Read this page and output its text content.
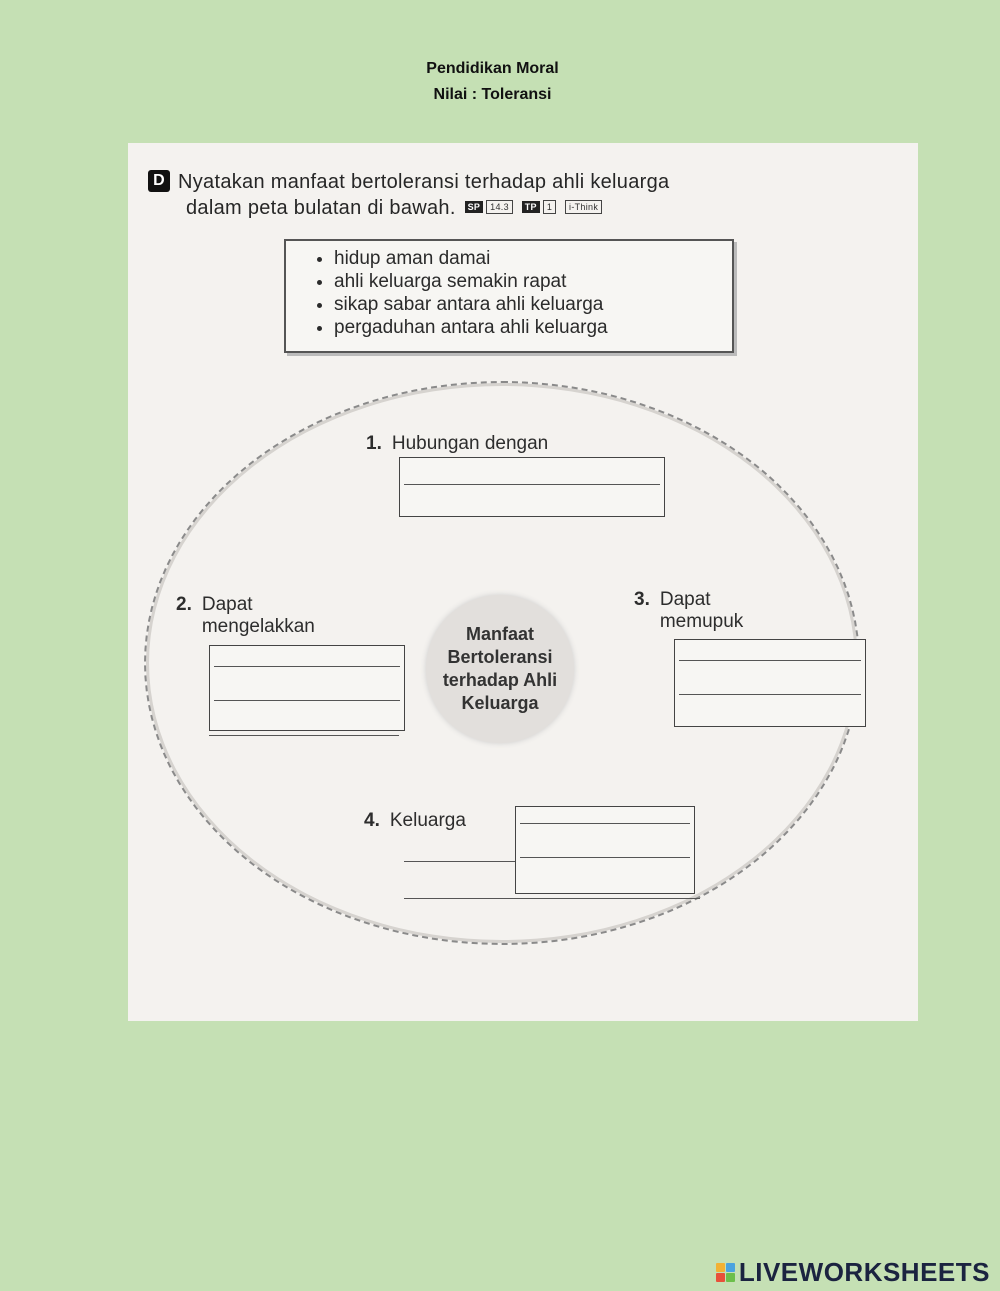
Pendidikan Moral
Nilai : Toleransi
D Nyatakan manfaat bertoleransi terhadap ahli keluarga
dalam peta bulatan di bawah. SP 14.3 TP 1 i-Think
• hidup aman damai
• ahli keluarga semakin rapat
• sikap sabar antara ahli keluarga
• pergaduhan antara ahli keluarga
Manfaat Bertoleransi terhadap Ahli Keluarga
1. Hubungan dengan
2. Dapat mengelakkan
3. Dapat memupuk
4. Keluarga
LIVEWORKSHEETS
